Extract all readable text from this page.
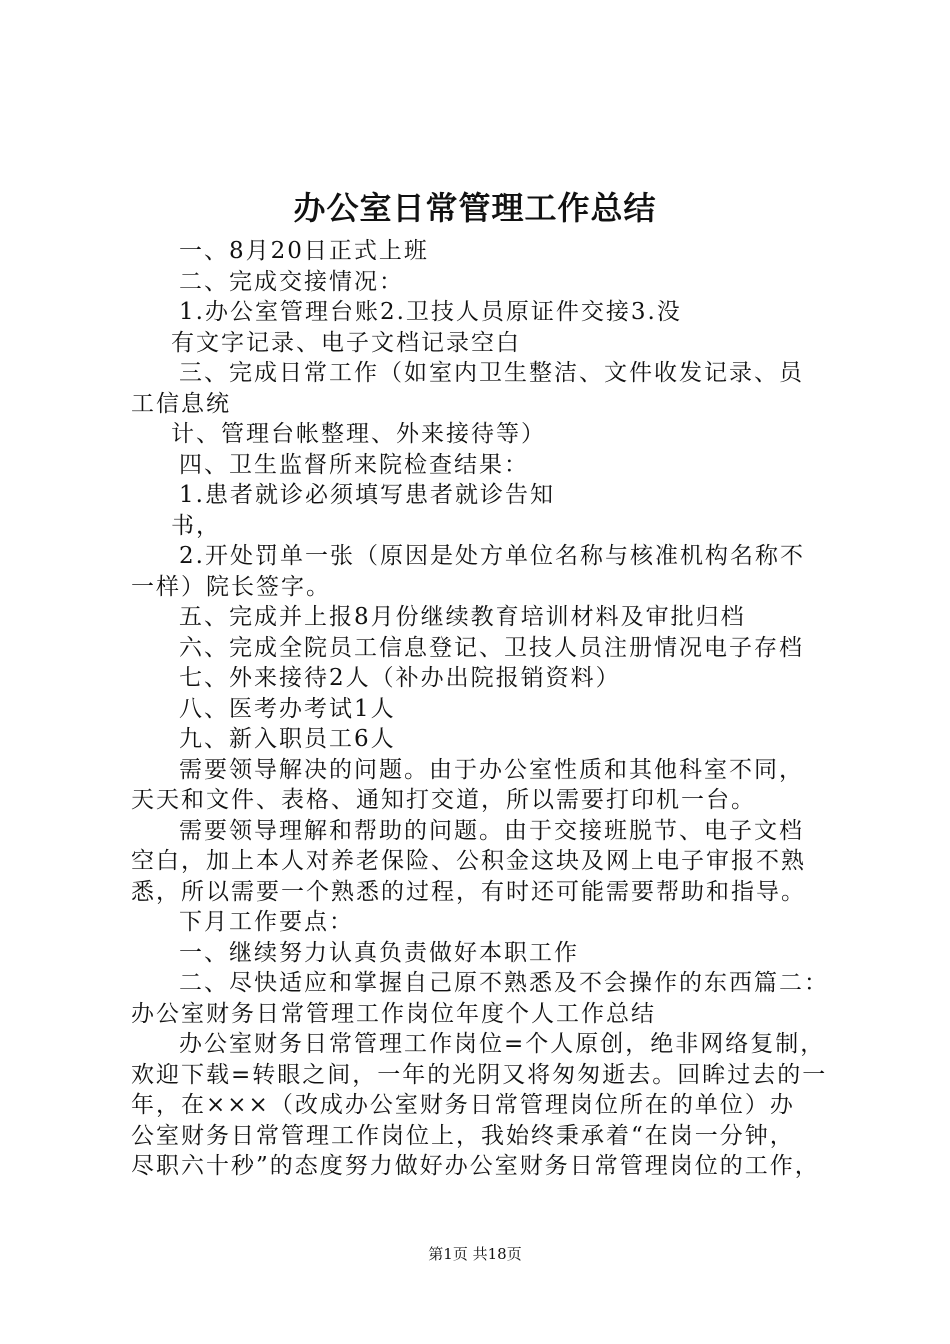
办公室日常管理工作总结
一、8月20日正式上班
二、完成交接情况：
1.办公室管理台账2.卫技人员原证件交接3.没
有文字记录、电子文档记录空白
三、完成日常工作（如室内卫生整洁、文件收发记录、员
工信息统
计、管理台帐整理、外来接待等）
四、卫生监督所来院检查结果：
1.患者就诊必须填写患者就诊告知
书，
2.开处罚单一张（原因是处方单位名称与核准机构名称不
一样）院长签字。
五、完成并上报8月份继续教育培训材料及审批归档
六、完成全院员工信息登记、卫技人员注册情况电子存档
七、外来接待2人（补办出院报销资料）
八、医考办考试1人
九、新入职员工6人
需要领导解决的问题。由于办公室性质和其他科室不同，
天天和文件、表格、通知打交道，所以需要打印机一台。
需要领导理解和帮助的问题。由于交接班脱节、电子文档
空白，加上本人对养老保险、公积金这块及网上电子审报不熟
悉，所以需要一个熟悉的过程，有时还可能需要帮助和指导。
下月工作要点：
一、继续努力认真负责做好本职工作
二、尽快适应和掌握自己原不熟悉及不会操作的东西篇二：
办公室财务日常管理工作岗位年度个人工作总结
办公室财务日常管理工作岗位=个人原创，绝非网络复制，
欢迎下载=转眼之间，一年的光阴又将匆匆逝去。回眸过去的一
年，在×××（改成办公室财务日常管理岗位所在的单位）办
公室财务日常管理工作岗位上，我始终秉承着“在岗一分钟，
尽职六十秒”的态度努力做好办公室财务日常管理岗位的工作，
第1页 共18页
